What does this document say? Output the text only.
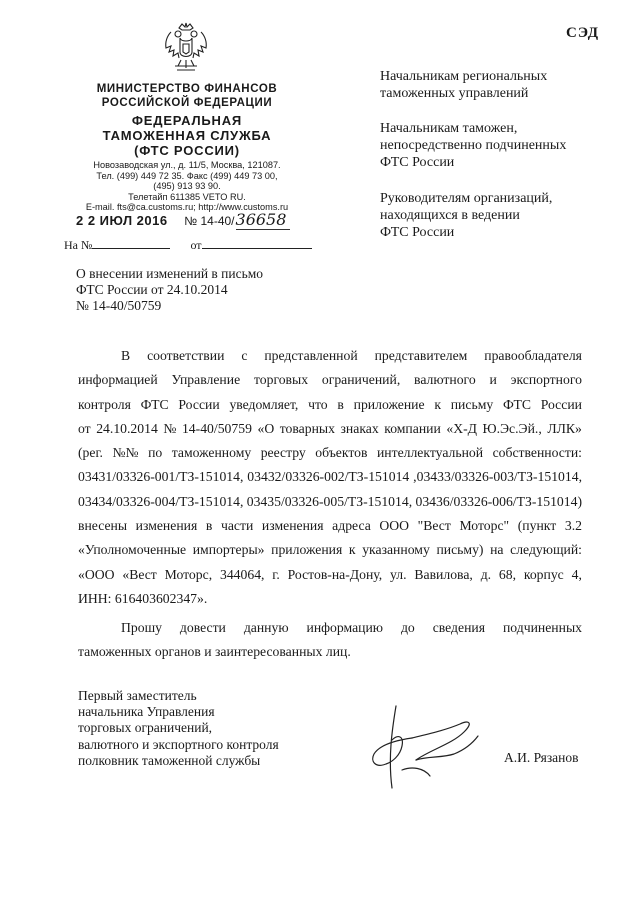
СЭД
МИНИСТЕРСТВО ФИНАНСОВ
РОССИЙСКОЙ ФЕДЕРАЦИИ
ФЕДЕРАЛЬНАЯ
ТАМОЖЕННАЯ СЛУЖБА
(ФТС РОССИИ)
Новозаводская ул., д. 11/5, Москва, 121087.
Тел. (499) 449 72 35. Факс (499) 449 73 00,
(495) 913 93 90.
Телетайп 611385 VETO RU.
E-mail. fts@ca.customs.ru; http://www.customs.ru
2 2 ИЮЛ 2016 № 14-40/36658
На №	от
Начальникам региональных
таможенных управлений
Начальникам таможен,
непосредственно подчиненных
ФТС России
Руководителям организаций,
находящихся в ведении
ФТС России
О внесении изменений в письмо
ФТС России от 24.10.2014
№ 14-40/50759
В соответствии с представленной представителем правообладателя
информацией Управление торговых ограничений, валютного и экспортного
контроля ФТС России уведомляет, что в приложение к письму ФТС России
от 24.10.2014 № 14-40/50759 «О товарных знаках компании «Х-Д Ю.Эс.Эй., ЛЛК»
(рег. №№ по таможенному реестру объектов интеллектуальной собственности:
03431/03326-001/ТЗ-151014, 03432/03326-002/ТЗ-151014 ,03433/03326-003/ТЗ-151014,
03434/03326-004/ТЗ-151014, 03435/03326-005/ТЗ-151014, 03436/03326-006/ТЗ-151014)
внесены изменения в части изменения адреса ООО "Вест Моторс" (пункт 3.2
«Уполномоченные импортеры» приложения к указанному письму) на следующий:
«ООО «Вест Моторс, 344064, г. Ростов-на-Дону, ул. Вавилова, д. 68, корпус 4,
ИНН: 616403602347».
Прошу довести данную информацию до сведения подчиненных
таможенных органов и заинтересованных лиц.
Первый заместитель
начальника Управления
торговых ограничений,
валютного и экспортного контроля
полковник таможенной службы	А.И. Рязанов
